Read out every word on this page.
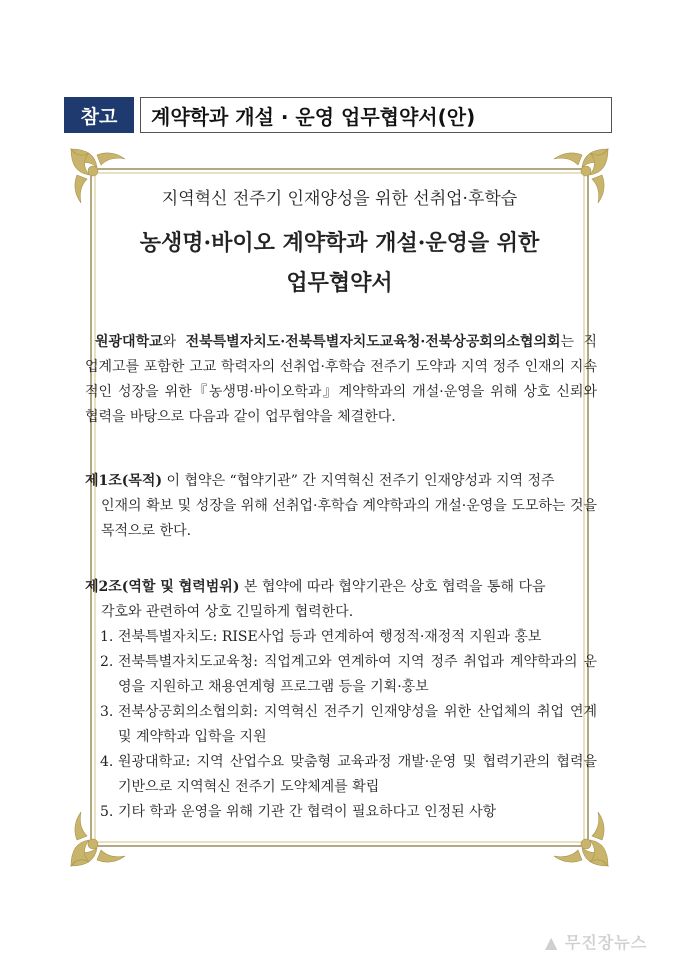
참고	계약학과 개설 · 운영 업무협약서(안)
지역혁신 전주기 인재양성을 위한 선취업·후학습
농생명·바이오 계약학과 개설·운영을 위한
업무협약서
원광대학교와 전북특별자치도·전북특별자치도교육청·전북상공회의소협의회는 직업계고를 포함한 고교 학력자의 선취업·후학습 전주기 도약과 지역 정주 인재의 지속적인 성장을 위한『농생명·바이오학과』계약학과의 개설·운영을 위해 상호 신뢰와 협력을 바탕으로 다음과 같이 업무협약을 체결한다.
제1조(목적) 이 협약은 “협약기관” 간 지역혁신 전주기 인재양성과 지역 정주
인재의 확보 및 성장을 위해 선취업·후학습 계약학과의 개설·운영을 도모하는 것을 목적으로 한다.
제2조(역할 및 협력범위) 본 협약에 따라 협약기관은 상호 협력을 통해 다음
각호와 관련하여 상호 긴밀하게 협력한다.
1. 전북특별자치도: RISE사업 등과 연계하여 행정적·재정적 지원과 홍보
2. 전북특별자치도교육청: 직업계고와 연계하여 지역 정주 취업과 계약학과의 운영을 지원하고 채용연계형 프로그램 등을 기획·홍보
3. 전북상공회의소협의회: 지역혁신 전주기 인재양성을 위한 산업체의 취업 연계 및 계약학과 입학을 지원
4. 원광대학교: 지역 산업수요 맞춤형 교육과정 개발·운영 및 협력기관의 협력을 기반으로 지역혁신 전주기 도약체계를 확립
5. 기타 학과 운영을 위해 기관 간 협력이 필요하다고 인정된 사항
▲ 무진장뉴스
